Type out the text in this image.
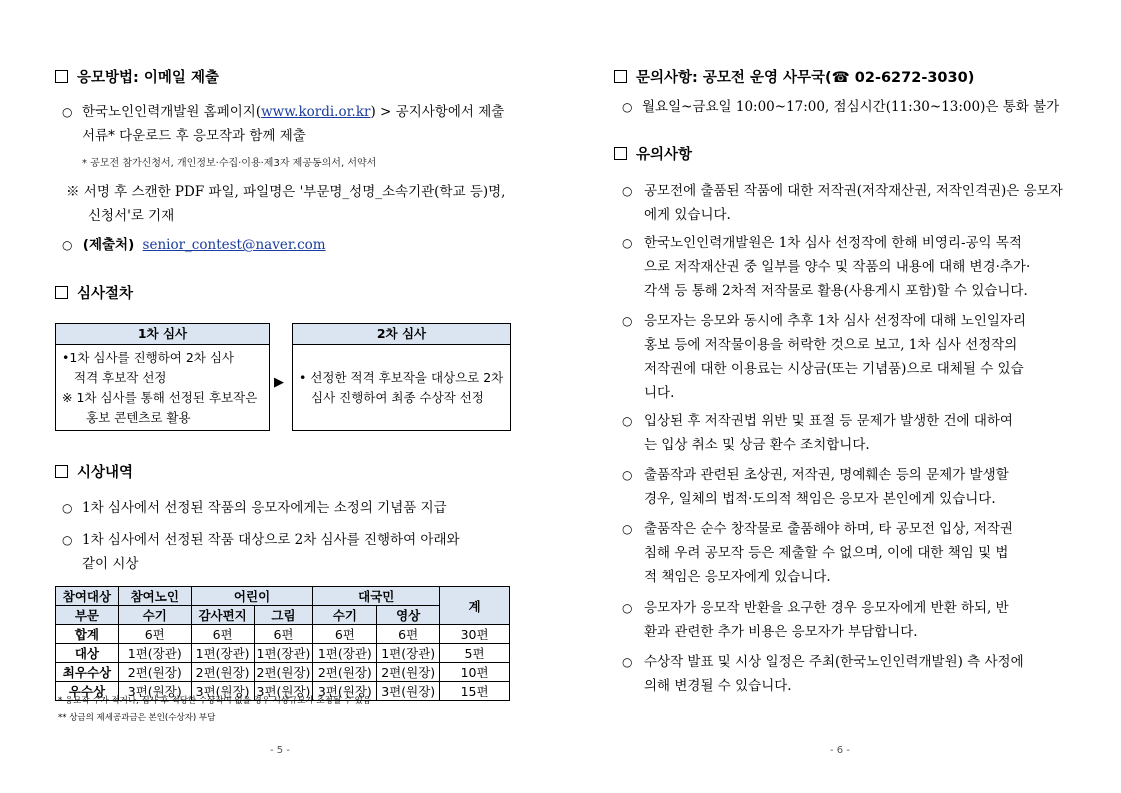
응모방법: 이메일 제출
○ 한국노인인력개발원 홈페이지(www.kordi.or.kr) > 공지사항에서 제출
서류* 다운로드 후 응모작과 함께 제출
* 공모전 참가신청서, 개인정보·수집·이용·제3자 제공동의서, 서약서
※ 서명 후 스캔한 PDF 파일, 파일명은 '부문명_성명_소속기관(학교 등)명,
신청서'로 기재
○ (제출처) senior_contest@naver.com
심사절차
1차 심사
•1차 심사를 진행하여 2차 심사
적격 후보작 선정
※ 1차 심사를 통해 선정된 후보작은
홍보 콘텐츠로 활용
▶
2차 심사
• 선정한 적격 후보작을 대상으로 2차
심사 진행하여 최종 수상작 선정
시상내역
○ 1차 심사에서 선정된 작품의 응모자에게는 소정의 기념품 지급
○ 1차 심사에서 선정된 작품 대상으로 2차 심사를 진행하여 아래와
같이 시상
참여대상	참여노인	어린이		대국민		계
부문	수기	감사편지	그림	수기	영상	
합계	6편	6편	6편	6편	6편	30편
대상	1편(장관)	1편(장관)	1편(장관)	1편(장관)	1편(장관)	5편
최우수상	2편(원장)	2편(원장)	2편(원장)	2편(원장)	2편(원장)	10편
우수상	3편(원장)	3편(원장)	3편(원장)	3편(원장)	3편(원장)	15편
* 응모작 수가 적거나, 심사 후 적당한 수상작이 없을 경우 시상규모가 조정될 수 있음
** 상금의 제세공과금은 본인(수상자) 부담
- 5 -
문의사항: 공모전 운영 사무국(☎ 02-6272-3030)
○ 월요일~금요일 10:00~17:00, 점심시간(11:30~13:00)은 통화 불가
유의사항
○ 공모전에 출품된 작품에 대한 저작권(저작재산권, 저작인격권)은 응모자
에게 있습니다.
○ 한국노인인력개발원은 1차 심사 선정작에 한해 비영리-공익 목적
으로 저작재산권 중 일부를 양수 및 작품의 내용에 대해 변경·추가·
각색 등 통해 2차적 저작물로 활용(사용게시 포함)할 수 있습니다.
○ 응모자는 응모와 동시에 추후 1차 심사 선정작에 대해 노인일자리
홍보 등에 저작물이용을 허락한 것으로 보고, 1차 심사 선정작의
저작권에 대한 이용료는 시상금(또는 기념품)으로 대체될 수 있습
니다.
○ 입상된 후 저작권법 위반 및 표절 등 문제가 발생한 건에 대하여
는 입상 취소 및 상금 환수 조치합니다.
○ 출품작과 관련된 초상권, 저작권, 명예훼손 등의 문제가 발생할
경우, 일체의 법적·도의적 책임은 응모자 본인에게 있습니다.
○ 출품작은 순수 창작물로 출품해야 하며, 타 공모전 입상, 저작권
침해 우려 공모작 등은 제출할 수 없으며, 이에 대한 책임 및 법
적 책임은 응모자에게 있습니다.
○ 응모자가 응모작 반환을 요구한 경우 응모자에게 반환 하되, 반
환과 관련한 추가 비용은 응모자가 부담합니다.
○ 수상작 발표 및 시상 일정은 주최(한국노인인력개발원) 측 사정에
의해 변경될 수 있습니다.
- 6 -
